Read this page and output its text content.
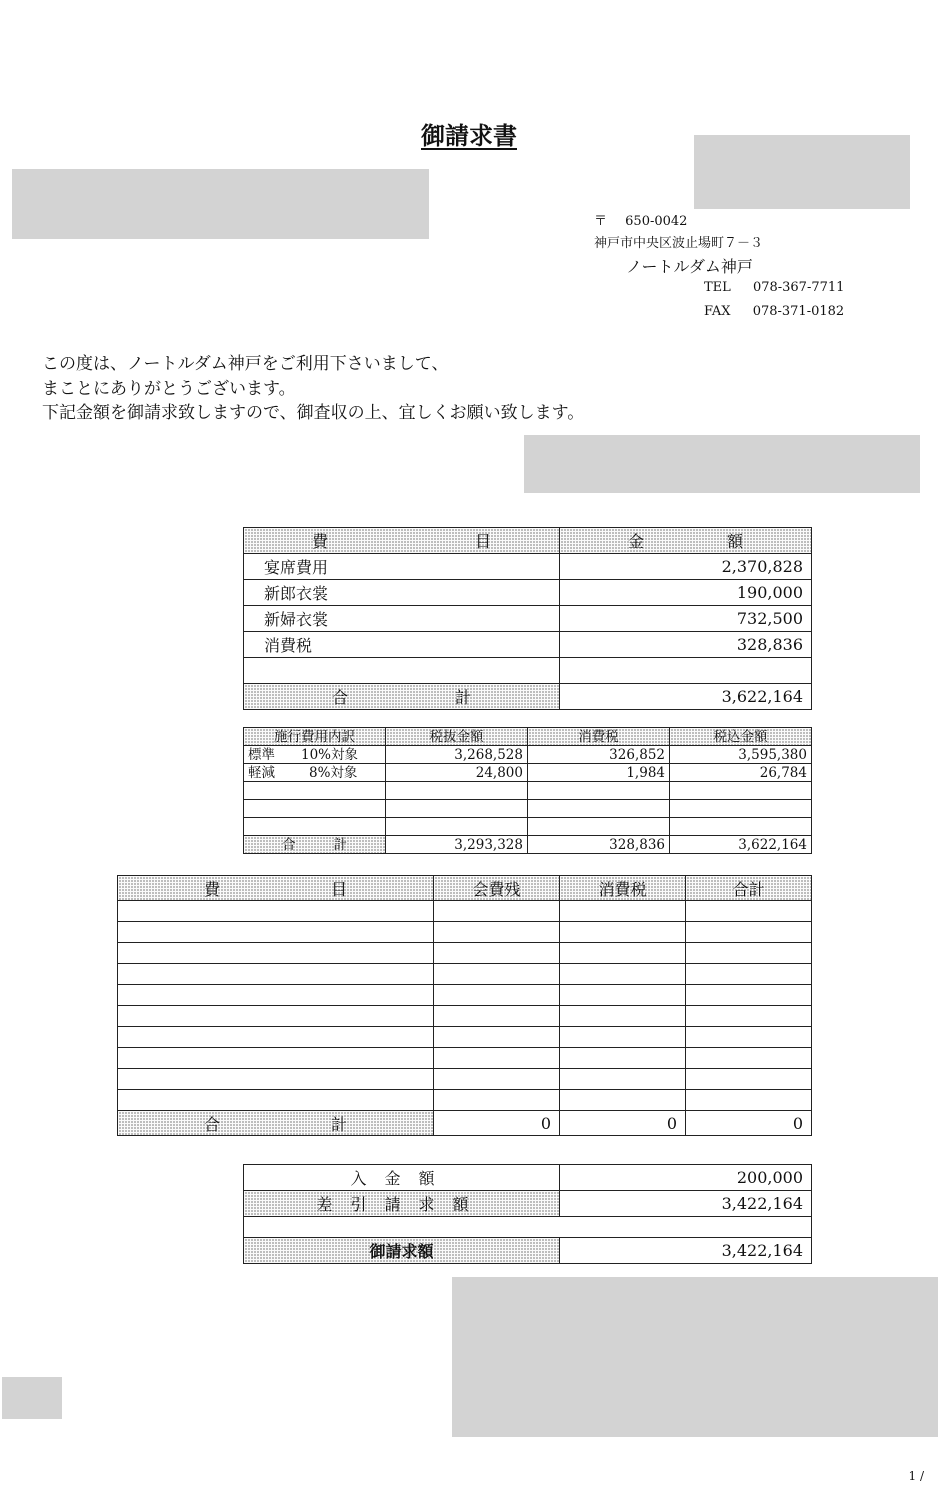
御請求書
〒 650-0042
神戸市中央区波止場町７－３
ノートルダム神戸
TEL 078-367-7711
FAX 078-371-0182
この度は、ノートルダム神戸をご利用下さいまして、
まことにありがとうございます。
下記金額を御請求致しますので、御査収の上、宜しくお願い致します。
費 目	金 額

宴席費用	2,370,828
新郎衣裳	190,000
新婦衣裳	732,500
消費税	328,836

合 計	3,622,164
施行費用内訳	税抜金額	消費税	税込金額
標準 10%対象	3,268,528	326,852	3,595,380
軽減 8%対象	24,800	1,984	26,784

合 計	3,293,328	328,836	3,622,164
費 目	会費残	消費税	合計

合 計	0	0	0
入金額	200,000
差引請求額	3,422,164

御請求額	3,422,164
1 /
